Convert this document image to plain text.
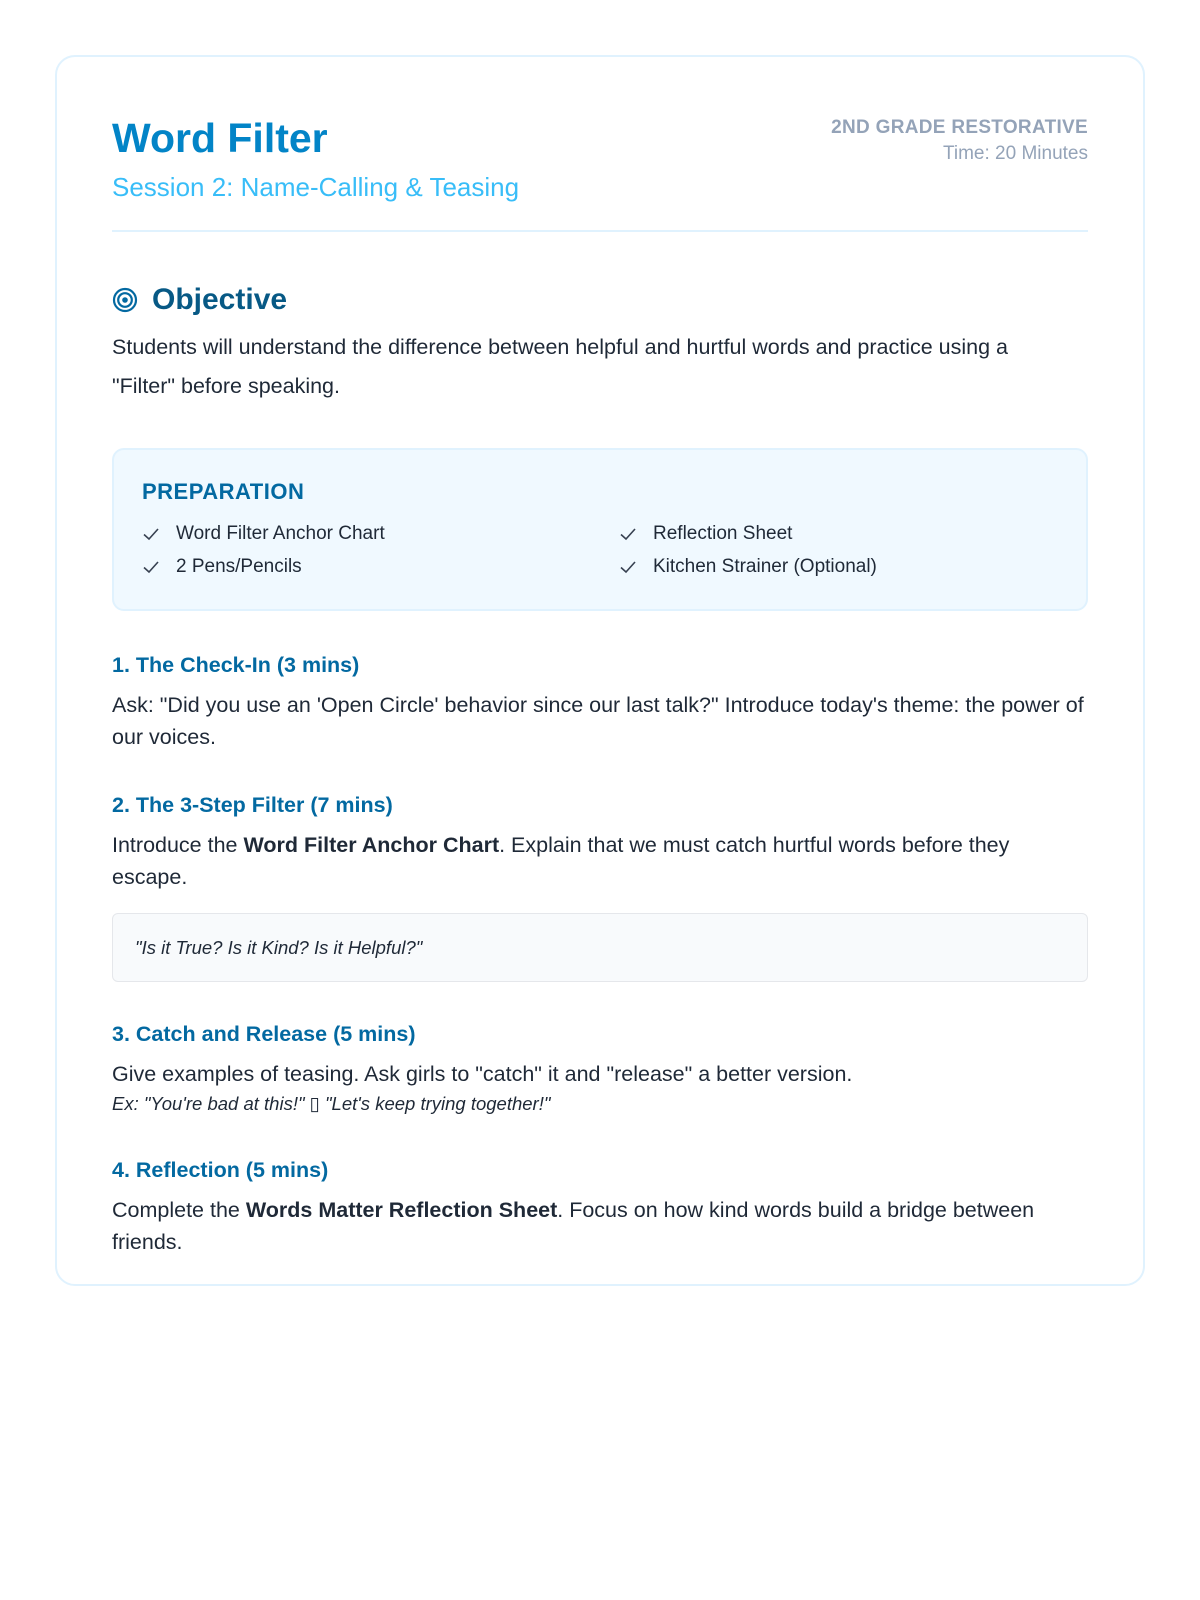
Word Filter
Session 2: Name-Calling & Teasing
2ND GRADE RESTORATIVE
Time: 20 Minutes
Objective
Students will understand the difference between helpful and hurtful words and practice using a "Filter" before speaking.
PREPARATION
Word Filter Anchor Chart	Reflection Sheet
2 Pens/Pencils	Kitchen Strainer (Optional)
1. The Check-In (3 mins)
Ask: "Did you use an 'Open Circle' behavior since our last talk?" Introduce today's theme: the power of our voices.
2. The 3-Step Filter (7 mins)
Introduce the Word Filter Anchor Chart. Explain that we must catch hurtful words before they escape.
"Is it True? Is it Kind? Is it Helpful?"
3. Catch and Release (5 mins)
Give examples of teasing. Ask girls to "catch" it and "release" a better version.
Ex: "You're bad at this!" ▯ "Let's keep trying together!"
4. Reflection (5 mins)
Complete the Words Matter Reflection Sheet. Focus on how kind words build a bridge between friends.
